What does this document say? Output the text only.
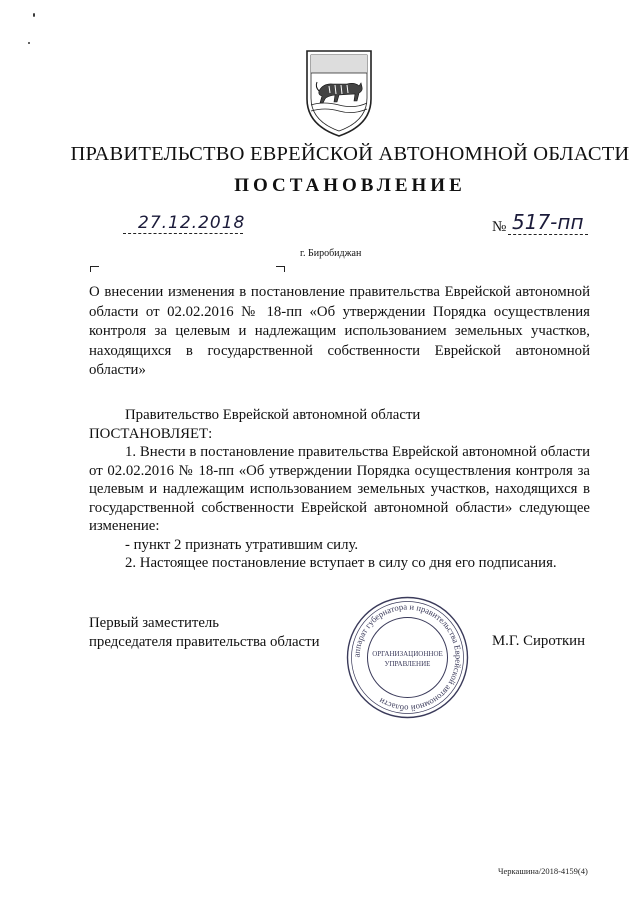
ПРАВИТЕЛЬСТВО ЕВРЕЙСКОЙ АВТОНОМНОЙ ОБЛАСТИ
ПОСТАНОВЛЕНИЕ
27.12.2018	№ 517-пп
г. Биробиджан
О внесении изменения в постановление правительства Еврейской автономной области от 02.02.2016 № 18-пп «Об утверждении Порядка осуществления контроля за целевым и надлежащим использованием земельных участков, находящихся в государственной собственности Еврейской автономной области»

Правительство Еврейской автономной области

ПОСТАНОВЛЯЕТ:

1. Внести в постановление правительства Еврейской автономной области от 02.02.2016 № 18-пп «Об утверждении Порядка осуществления контроля за целевым и надлежащим использованием земельных участков, находящихся в государственной собственности Еврейской автономной области» следующее изменение:

- пункт 2 признать утратившим силу.

2. Настоящее постановление вступает в силу со дня его подписания.

Первый заместитель
председателя правительства области
аппарат губернатора и правительства Еврейской автономной области
ОРГАНИЗАЦИОННОЕ
УПРАВЛЕНИЕ
М.Г. Сироткин
Черкашина/2018-4159(4)
